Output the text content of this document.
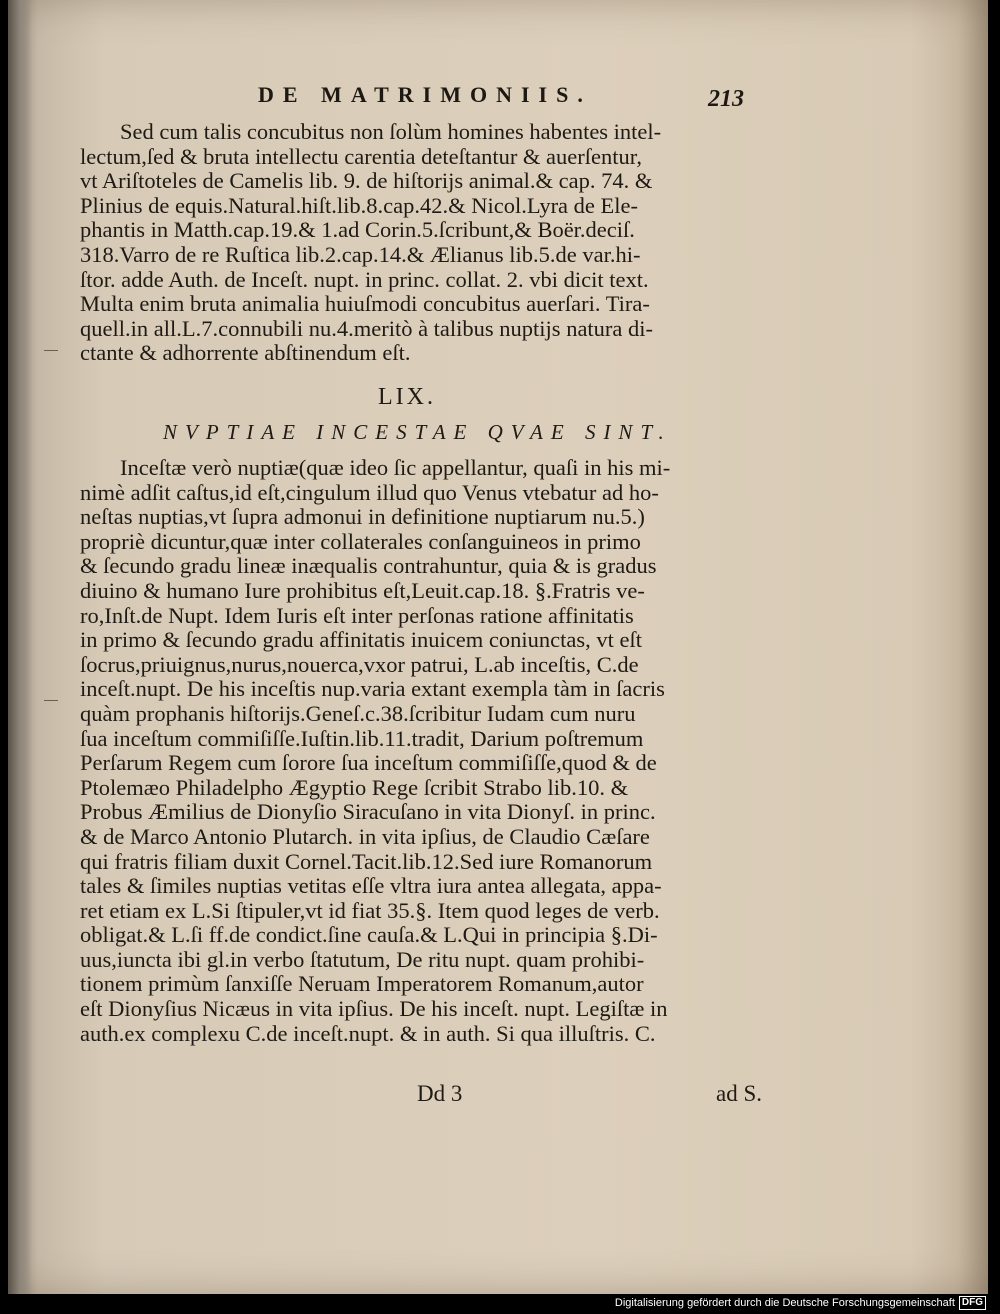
DE MATRIMONIIS.	213
Sed cum talis concubitus non ſolùm homines habentes intel-
lectum,ſed & bruta intellectu carentia deteſtantur & auerſentur,
vt Ariſtoteles de Camelis lib. 9. de hiſtorijs animal.& cap. 74. &
Plinius de equis.Natural.hiſt.lib.8.cap.42.& Nicol.Lyra de Ele-
phantis in Matth.cap.19.& 1.ad Corin.5.ſcribunt,& Boër.deciſ.
318.Varro de re Ruſtica lib.2.cap.14.& Ælianus lib.5.de var.hi-
ſtor. adde Auth. de Inceſt. nupt. in princ. collat. 2. vbi dicit text.
Multa enim bruta animalia huiuſmodi concubitus auerſari. Tira-
quell.in all.L.7.connubili nu.4.meritò à talibus nuptijs natura di-
ctante & adhorrente abſtinendum eſt.
LIX.
NVPTIAE INCESTAE QVAE SINT.
Inceſtæ verò nuptiæ(quæ ideo ſic appellantur, quaſi in his mi-
nimè adſit caſtus,id eſt,cingulum illud quo Venus vtebatur ad ho-
neſtas nuptias,vt ſupra admonui in definitione nuptiarum nu.5.)
propriè dicuntur,quæ inter collaterales conſanguineos in primo
& ſecundo gradu lineæ inæqualis contrahuntur, quia & is gradus
diuino & humano Iure prohibitus eſt,Leuit.cap.18. §.Fratris ve-
ro,Inſt.de Nupt. Idem Iuris eſt inter perſonas ratione affinitatis
in primo & ſecundo gradu affinitatis inuicem coniunctas, vt eſt
ſocrus,priuignus,nurus,nouerca,vxor patrui, L.ab inceſtis, C.de
inceſt.nupt. De his inceſtis nup.varia extant exempla tàm in ſacris
quàm prophanis hiſtorijs.Geneſ.c.38.ſcribitur Iudam cum nuru
ſua inceſtum commiſiſſe.Iuſtin.lib.11.tradit, Darium poſtremum
Perſarum Regem cum ſorore ſua inceſtum commiſiſſe,quod & de
Ptolemæo Philadelpho Ægyptio Rege ſcribit Strabo lib.10. &
Probus Æmilius de Dionyſio Siracuſano in vita Dionyſ. in princ.
& de Marco Antonio Plutarch. in vita ipſius, de Claudio Cæſare
qui fratris filiam duxit Cornel.Tacit.lib.12.Sed iure Romanorum
tales & ſimiles nuptias vetitas eſſe vltra iura antea allegata, appa-
ret etiam ex L.Si ſtipuler,vt id fiat 35.§. Item quod leges de verb.
obligat.& L.ſi ff.de condict.ſine cauſa.& L.Qui in principia §.Di-
uus,iuncta ibi gl.in verbo ſtatutum, De ritu nupt. quam prohibi-
tionem primùm ſanxiſſe Neruam Imperatorem Romanum,autor
eſt Dionyſius Nicæus in vita ipſius. De his inceſt. nupt. Legiſtæ in
auth.ex complexu C.de inceſt.nupt. & in auth. Si qua illuſtris. C.
Dd 3	ad S.
Digitalisierung gefördert durch die Deutsche Forschungsgemeinschaft DFG
